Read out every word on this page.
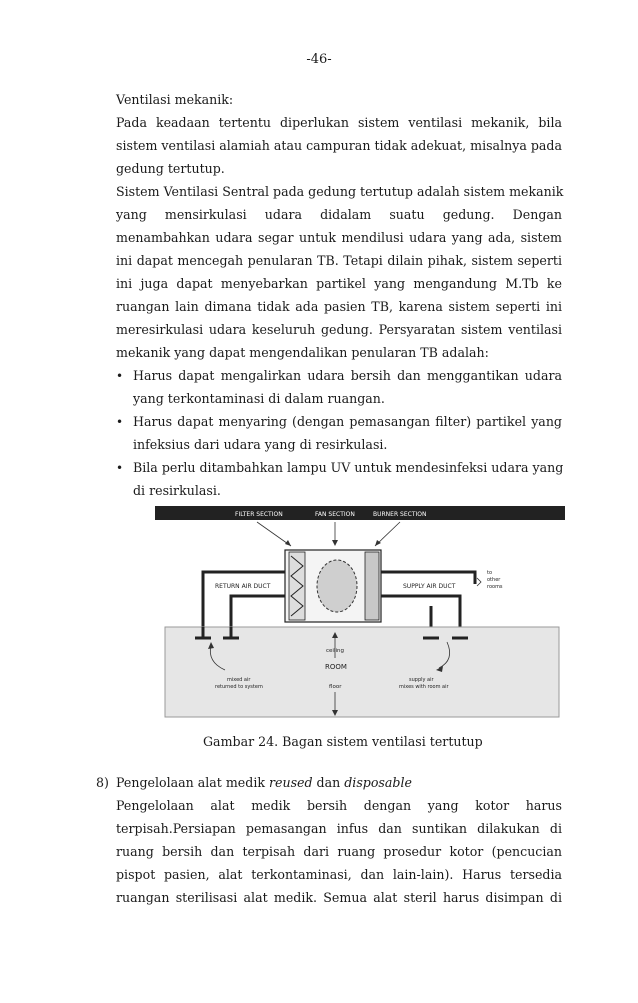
-46-
Ventilasi mekanik:
Pada keadaan tertentu diperlukan sistem ventilasi mekanik, bila
sistem ventilasi alamiah atau campuran tidak adekuat, misalnya pada
gedung tertutup.
Sistem Ventilasi Sentral pada gedung tertutup adalah sistem mekanik
yang mensirkulasi udara didalam suatu gedung. Dengan
menambahkan udara segar untuk mendilusi udara yang ada, sistem
ini dapat mencegah penularan TB. Tetapi dilain pihak, sistem seperti
ini juga dapat menyebarkan partikel yang mengandung M.Tb ke
ruangan lain dimana tidak ada pasien TB, karena sistem seperti ini
meresirkulasi udara keseluruh gedung. Persyaratan sistem ventilasi
mekanik yang dapat mengendalikan penularan TB adalah:
• Harus dapat mengalirkan udara bersih dan menggantikan udara
yang terkontaminasi di dalam ruangan.
• Harus dapat menyaring (dengan pemasangan filter) partikel yang
infeksius dari udara yang di resirkulasi.
• Bila perlu ditambahkan lampu UV untuk mendesinfeksi udara yang
di resirkulasi.
FILTER SECTION	FAN SECTION	BURNER SECTION
RETURN AIR DUCT	SUPPLY AIR DUCT
to
other
rooms
ceiling
ROOM
floor
mixed air
returned to system
supply air
mixes with room air
Gambar 24. Bagan sistem ventilasi tertutup
8) Pengelolaan alat medik reused dan disposable
Pengelolaan alat medik bersih dengan yang kotor harus
terpisah.Persiapan pemasangan infus dan suntikan dilakukan di
ruang bersih dan terpisah dari ruang prosedur kotor (pencucian
pispot pasien, alat terkontaminasi, dan lain-lain). Harus tersedia
ruangan sterilisasi alat medik. Semua alat steril harus disimpan di
